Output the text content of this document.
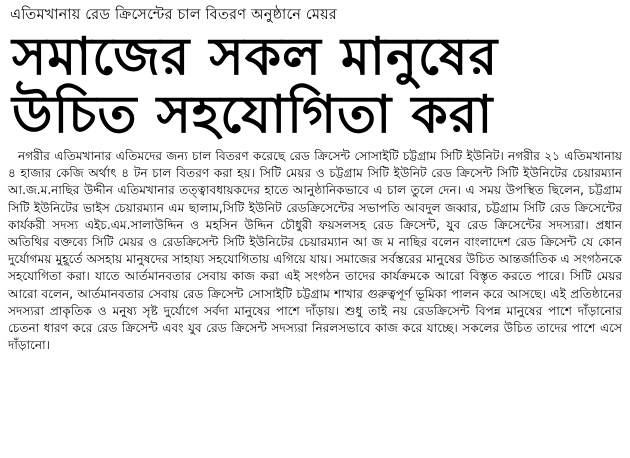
এতিমখানায় রেড ক্রিসেন্টের চাল বিতরণ অনুষ্ঠানে মেয়র
সমাজের সকল মানুষের
উচিত সহযোগিতা করা

নগরীর এতিমখানার এতিমদের জন্য চাল বিতরণ করেছে রেড ক্রিসেন্ট সোসাইটি চট্টগ্রাম সিটি ইউনিট। নগরীর ২১ এতিমখানায় ৪ হাজার কেজি অর্থাৎ ৪ টন চাল বিতরণ করা হয়। সিটি মেয়র ও চট্টগ্রাম সিটি ইউনিট রেড ক্রিসেন্ট সিটি ইউনিটের চেয়ারম্যান আ.জ.ম.নাছির উদ্দীন এতিমখানার তত্ত্বাবধায়কদের হাতে আনুষ্ঠানিকভাবে এ চাল তুলে দেন। এ সময় উপস্থিত ছিলেন, চট্টগ্রাম সিটি ইউনিটের ভাইস চেয়ারম্যান এম ছালাম,সিটি ইউনিট রেডক্রিসেন্টের সভাপতি আবদুল জব্বার, চট্টগ্রাম সিটি রেড ক্রিসেন্টের কার্যকরী সদস্য এইচ.এম.সালাউদ্দিন ও মহসিন উদ্দিন চৌধুরী ফয়সলসহ রেড ক্রিসেন্ট, যুব রেড ক্রিসেন্টের সদস্যরা। প্রধান অতিথির বক্তব্যে সিটি মেয়র ও রেডক্রিসেন্ট সিটি ইউনিটের চেয়ারম্যান আ জ ম নাছির বলেন বাংলাদেশ রেড ক্রিসেন্ট যে কোন দুর্যোগময় মুহূর্তে অসহায় মানুষদের সাহায্য সহযোগিতায় এগিয়ে যায়। সমাজের সর্বস্তরের মানুষের উচিত আন্তর্জাতিক এ সংগঠনকে সহযোগিতা করা। যাতে আর্তমানবতার সেবায় কাজ করা এই সংগঠন তাদের কার্যক্রমকে আরো বিস্তৃত করতে পারে। সিটি মেয়র আরো বলেন, আর্তমানবতার সেবায় রেড ক্রিসেন্ট সোসাইটি চট্টগ্রাম শাখার গুরুত্বপূর্ণ ভূমিকা পালন করে আসছে। এই প্রতিষ্ঠানের সদস্যরা প্রাকৃতিক ও মনুষ্য সৃষ্ট দুর্যোগে সর্বদা মানুষের পাশে দাঁড়ায়। শুধু তাই নয় রেডক্রিসেন্ট বিপন্ন মানুষের পাশে দাঁড়ানোর চেতনা ধারণ করে রেড ক্রিসেন্ট এবং যুব রেড ক্রিসেন্ট সদস্যরা নিরলসভাবে কাজ করে যাচ্ছে। সকলের উচিত তাদের পাশে এসে দাঁড়ানো।
